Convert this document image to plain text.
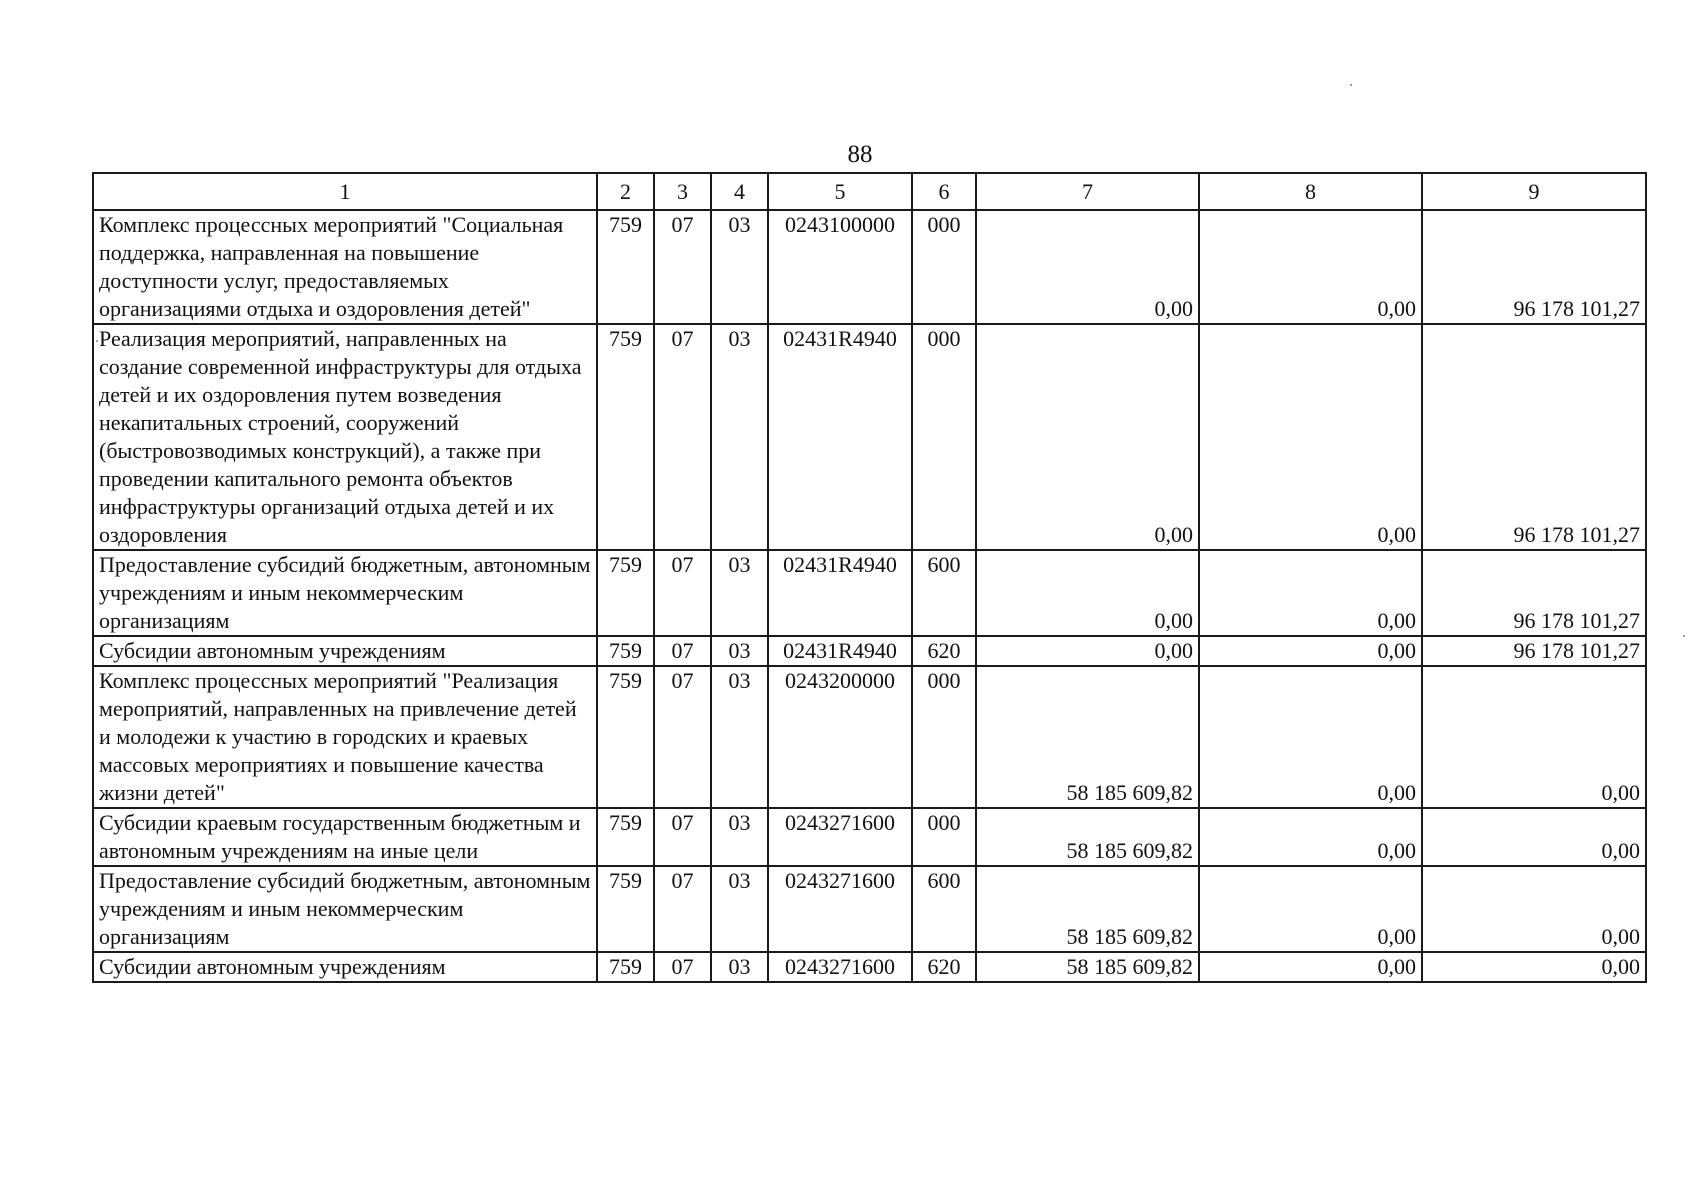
88
1	2	3	4	5	6	7	8	9
Комплекс процессных мероприятий "Социальная поддержка, направленная на повышение доступности услуг, предоставляемых организациями отдыха и оздоровления детей"	759	07	03	0243100000	000	0,00	0,00	96 178 101,27
Реализация мероприятий, направленных на создание современной инфраструктуры для отдыха детей и их оздоровления путем возведения некапитальных строений, сооружений (быстровозводимых конструкций), а также при проведении капитального ремонта объектов инфраструктуры организаций отдыха детей и их оздоровления	759	07	03	02431R4940	000	0,00	0,00	96 178 101,27
Предоставление субсидий бюджетным, автономным учреждениям и иным некоммерческим организациям	759	07	03	02431R4940	600	0,00	0,00	96 178 101,27
Субсидии автономным учреждениям	759	07	03	02431R4940	620	0,00	0,00	96 178 101,27
Комплекс процессных мероприятий "Реализация мероприятий, направленных на привлечение детей и молодежи к участию в городских и краевых массовых мероприятиях и повышение качества жизни детей"	759	07	03	0243200000	000	58 185 609,82	0,00	0,00
Субсидии краевым государственным бюджетным и автономным учреждениям на иные цели	759	07	03	0243271600	000	58 185 609,82	0,00	0,00
Предоставление субсидий бюджетным, автономным учреждениям и иным некоммерческим организациям	759	07	03	0243271600	600	58 185 609,82	0,00	0,00
Субсидии автономным учреждениям	759	07	03	0243271600	620	58 185 609,82	0,00	0,00
